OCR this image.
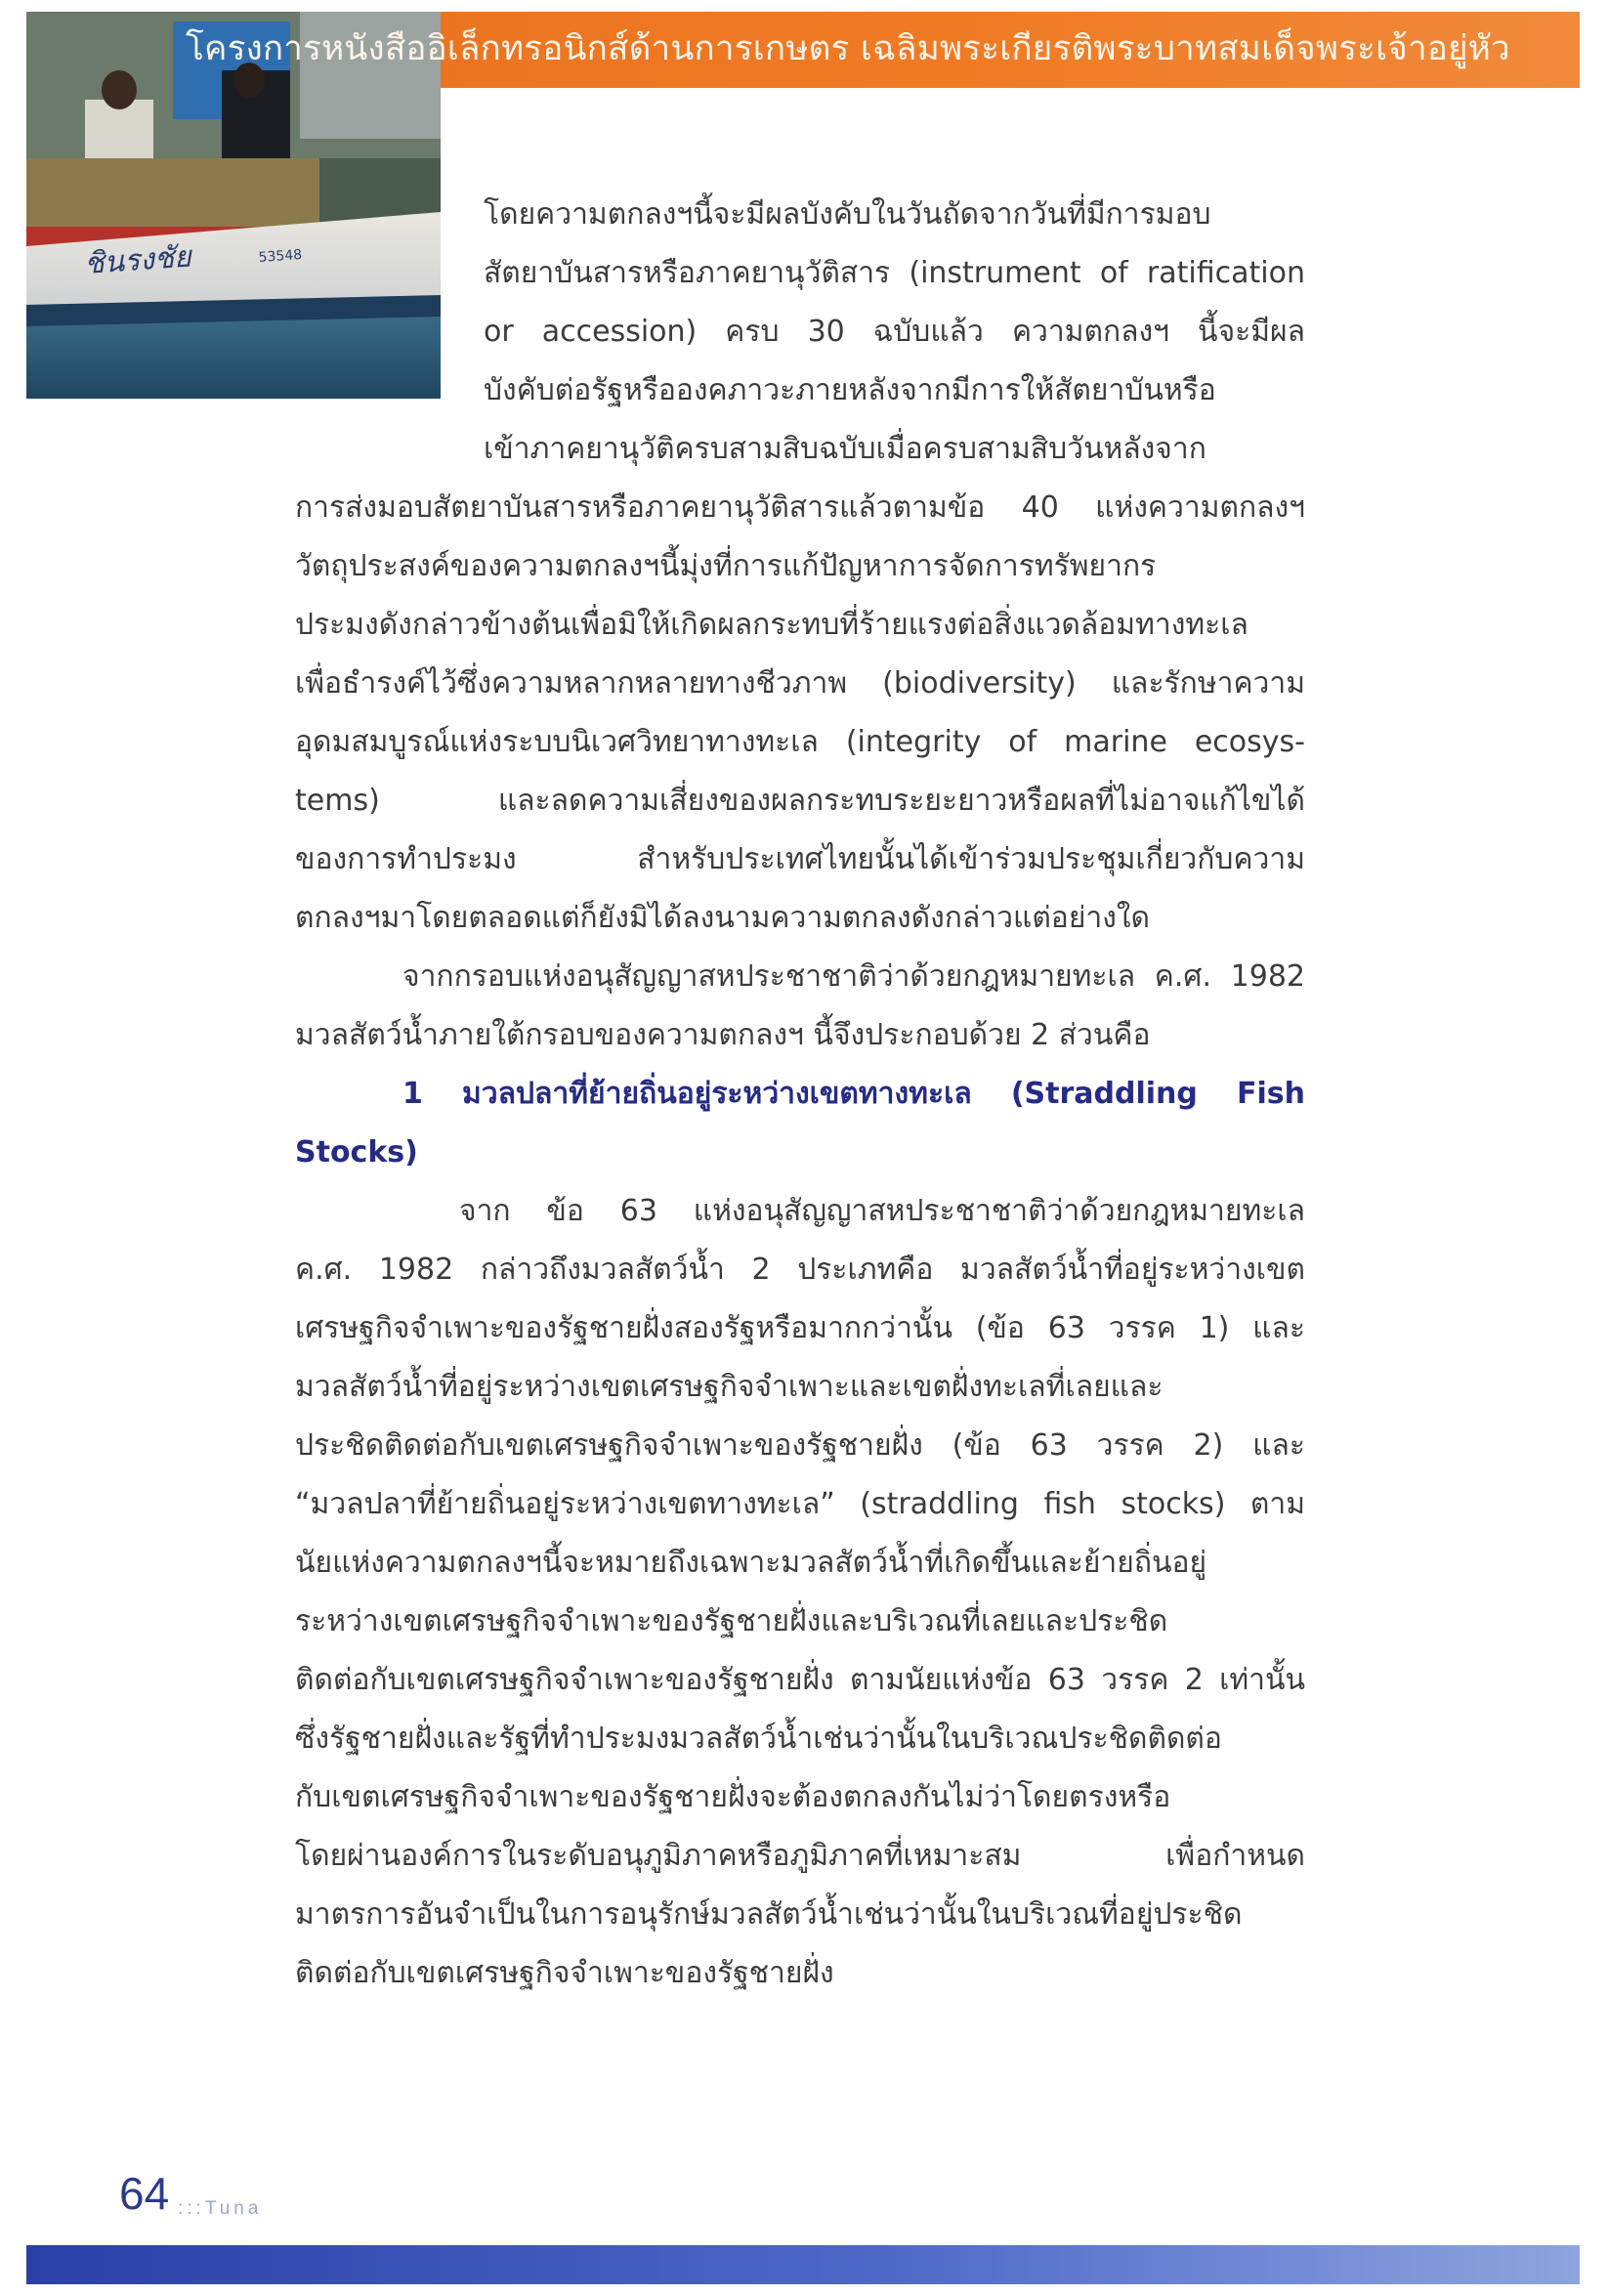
ชินรงชัย	53548
โครงการหนังสืออิเล็กทรอนิกส์ด้านการเกษตร เฉลิมพระเกียรติพระบาทสมเด็จพระเจ้าอยู่หัว
โดยความตกลงฯนี้จะมีผลบังคับในวันถัดจากวันที่มีการมอบ
สัตยาบันสารหรือภาคยานุวัติสาร (instrument of ratification
or accession) ครบ 30 ฉบับแล้ว ความตกลงฯ นี้จะมีผล
บังคับต่อรัฐหรือองคภาวะภายหลังจากมีการให้สัตยาบันหรือ
เข้าภาคยานุวัติครบสามสิบฉบับเมื่อครบสามสิบวันหลังจาก
การส่งมอบสัตยาบันสารหรือภาคยานุวัติสารแล้วตามข้อ 40 แห่งความตกลงฯ
วัตถุประสงค์ของความตกลงฯนี้มุ่งที่การแก้ปัญหาการจัดการทรัพยากร
ประมงดังกล่าวข้างต้นเพื่อมิให้เกิดผลกระทบที่ร้ายแรงต่อสิ่งแวดล้อมทางทะเล
เพื่อธำรงค์ไว้ซึ่งความหลากหลายทางชีวภาพ (biodiversity) และรักษาความ
อุดมสมบูรณ์แห่งระบบนิเวศวิทยาทางทะเล (integrity of marine ecosys-
tems) และลดความเสี่ยงของผลกระทบระยะยาวหรือผลที่ไม่อาจแก้ไขได้
ของการทำประมง สำหรับประเทศไทยนั้นได้เข้าร่วมประชุมเกี่ยวกับความ
ตกลงฯมาโดยตลอดแต่ก็ยังมิได้ลงนามความตกลงดังกล่าวแต่อย่างใด
จากกรอบแห่งอนุสัญญาสหประชาชาติว่าด้วยกฎหมายทะเล ค.ศ. 1982
มวลสัตว์น้ำภายใต้กรอบของความตกลงฯ นี้จึงประกอบด้วย 2 ส่วนคือ
1 มวลปลาที่ย้ายถิ่นอยู่ระหว่างเขตทางทะเล (Straddling Fish
Stocks)
จาก ข้อ 63 แห่งอนุสัญญาสหประชาชาติว่าด้วยกฎหมายทะเล
ค.ศ. 1982 กล่าวถึงมวลสัตว์น้ำ 2 ประเภทคือ มวลสัตว์น้ำที่อยู่ระหว่างเขต
เศรษฐกิจจำเพาะของรัฐชายฝั่งสองรัฐหรือมากกว่านั้น (ข้อ 63 วรรค 1) และ
มวลสัตว์น้ำที่อยู่ระหว่างเขตเศรษฐกิจจำเพาะและเขตฝั่งทะเลที่เลยและ
ประชิดติดต่อกับเขตเศรษฐกิจจำเพาะของรัฐชายฝั่ง (ข้อ 63 วรรค 2) และ
“มวลปลาที่ย้ายถิ่นอยู่ระหว่างเขตทางทะเล” (straddling fish stocks) ตาม
นัยแห่งความตกลงฯนี้จะหมายถึงเฉพาะมวลสัตว์น้ำที่เกิดขึ้นและย้ายถิ่นอยู่
ระหว่างเขตเศรษฐกิจจำเพาะของรัฐชายฝั่งและบริเวณที่เลยและประชิด
ติดต่อกับเขตเศรษฐกิจจำเพาะของรัฐชายฝั่ง ตามนัยแห่งข้อ 63 วรรค 2 เท่านั้น
ซึ่งรัฐชายฝั่งและรัฐที่ทำประมงมวลสัตว์น้ำเช่นว่านั้นในบริเวณประชิดติดต่อ
กับเขตเศรษฐกิจจำเพาะของรัฐชายฝั่งจะต้องตกลงกันไม่ว่าโดยตรงหรือ
โดยผ่านองค์การในระดับอนุภูมิภาคหรือภูมิภาคที่เหมาะสม เพื่อกำหนด
มาตรการอันจำเป็นในการอนุรักษ์มวลสัตว์น้ำเช่นว่านั้นในบริเวณที่อยู่ประชิด
ติดต่อกับเขตเศรษฐกิจจำเพาะของรัฐชายฝั่ง
64 :::Tuna
